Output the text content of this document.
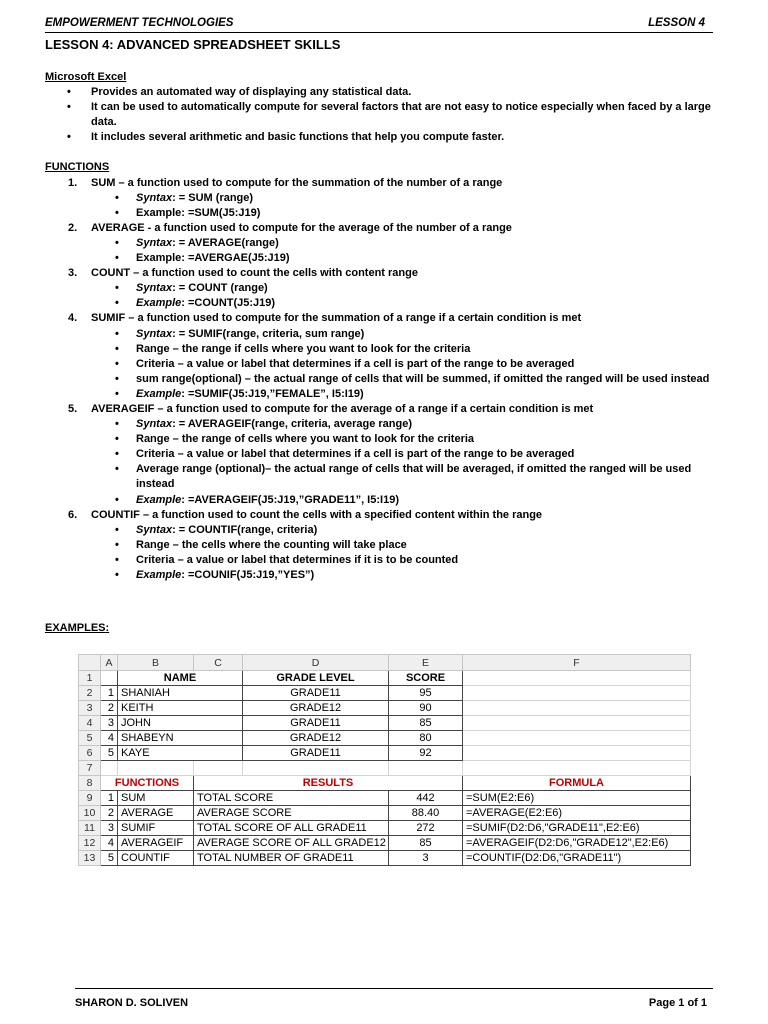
EMPOWERMENT TECHNOLOGIES	LESSON 4
LESSON 4: ADVANCED SPREADSHEET SKILLS
Microsoft Excel
• Provides an automated way of displaying any statistical data.
• It can be used to automatically compute for several factors that are not easy to notice especially when faced by a large data.
• It includes several arithmetic and basic functions that help you compute faster.
FUNCTIONS
1. SUM – a function used to compute for the summation of the number of a range
• Syntax: = SUM (range)
• Example: =SUM(J5:J19)
2. AVERAGE - a function used to compute for the average of the number of a range
• Syntax: = AVERAGE(range)
• Example: =AVERGAE(J5:J19)
3. COUNT – a function used to count the cells with content range
• Syntax: = COUNT (range)
• Example: =COUNT(J5:J19)
4. SUMIF – a function used to compute for the summation of a range if a certain condition is met
• Syntax: = SUMIF(range, criteria, sum range)
• Range – the range if cells where you want to look for the criteria
• Criteria – a value or label that determines if a cell is part of the range to be averaged
• sum range(optional) – the actual range of cells that will be summed, if omitted the ranged will be used instead
• Example: =SUMIF(J5:J19,”FEMALE”, I5:I19)
5. AVERAGEIF – a function used to compute for the average of a range if a certain condition is met
• Syntax: = AVERAGEIF(range, criteria, average range)
• Range – the range of cells where you want to look for the criteria
• Criteria – a value or label that determines if a cell is part of the range to be averaged
• Average range (optional)– the actual range of cells that will be averaged, if omitted the ranged will be used instead
• Example: =AVERAGEIF(J5:J19,”GRADE11”, I5:I19)
6. COUNTIF – a function used to count the cells with a specified content within the range
• Syntax: = COUNTIF(range, criteria)
• Range – the cells where the counting will take place
• Criteria – a value or label that determines if it is to be counted
• Example: =COUNIF(J5:J19,”YES”)
EXAMPLES:
	A	B	C	D	E	F
1		NAME		GRADE LEVEL	SCORE	
2	1	SHANIAH		GRADE11	95	
3	2	KEITH		GRADE12	90	
4	3	JOHN		GRADE11	85	
5	4	SHABEYN		GRADE12	80	
6	5	KAYE		GRADE11	92	
7						
8	FUNCTIONS		RESULTS			FORMULA
9	1	SUM	TOTAL SCORE		442	=SUM(E2:E6)
10	2	AVERAGE	AVERAGE SCORE		88.40	=AVERAGE(E2:E6)
11	3	SUMIF	TOTAL SCORE OF ALL GRADE11		272	=SUMIF(D2:D6,"GRADE11",E2:E6)
12	4	AVERAGEIF	AVERAGE SCORE OF ALL GRADE12		85	=AVERAGEIF(D2:D6,"GRADE12",E2:E6)
13	5	COUNTIF	TOTAL NUMBER OF GRADE11		3	=COUNTIF(D2:D6,"GRADE11")
SHARON D. SOLIVEN	Page 1 of 1
